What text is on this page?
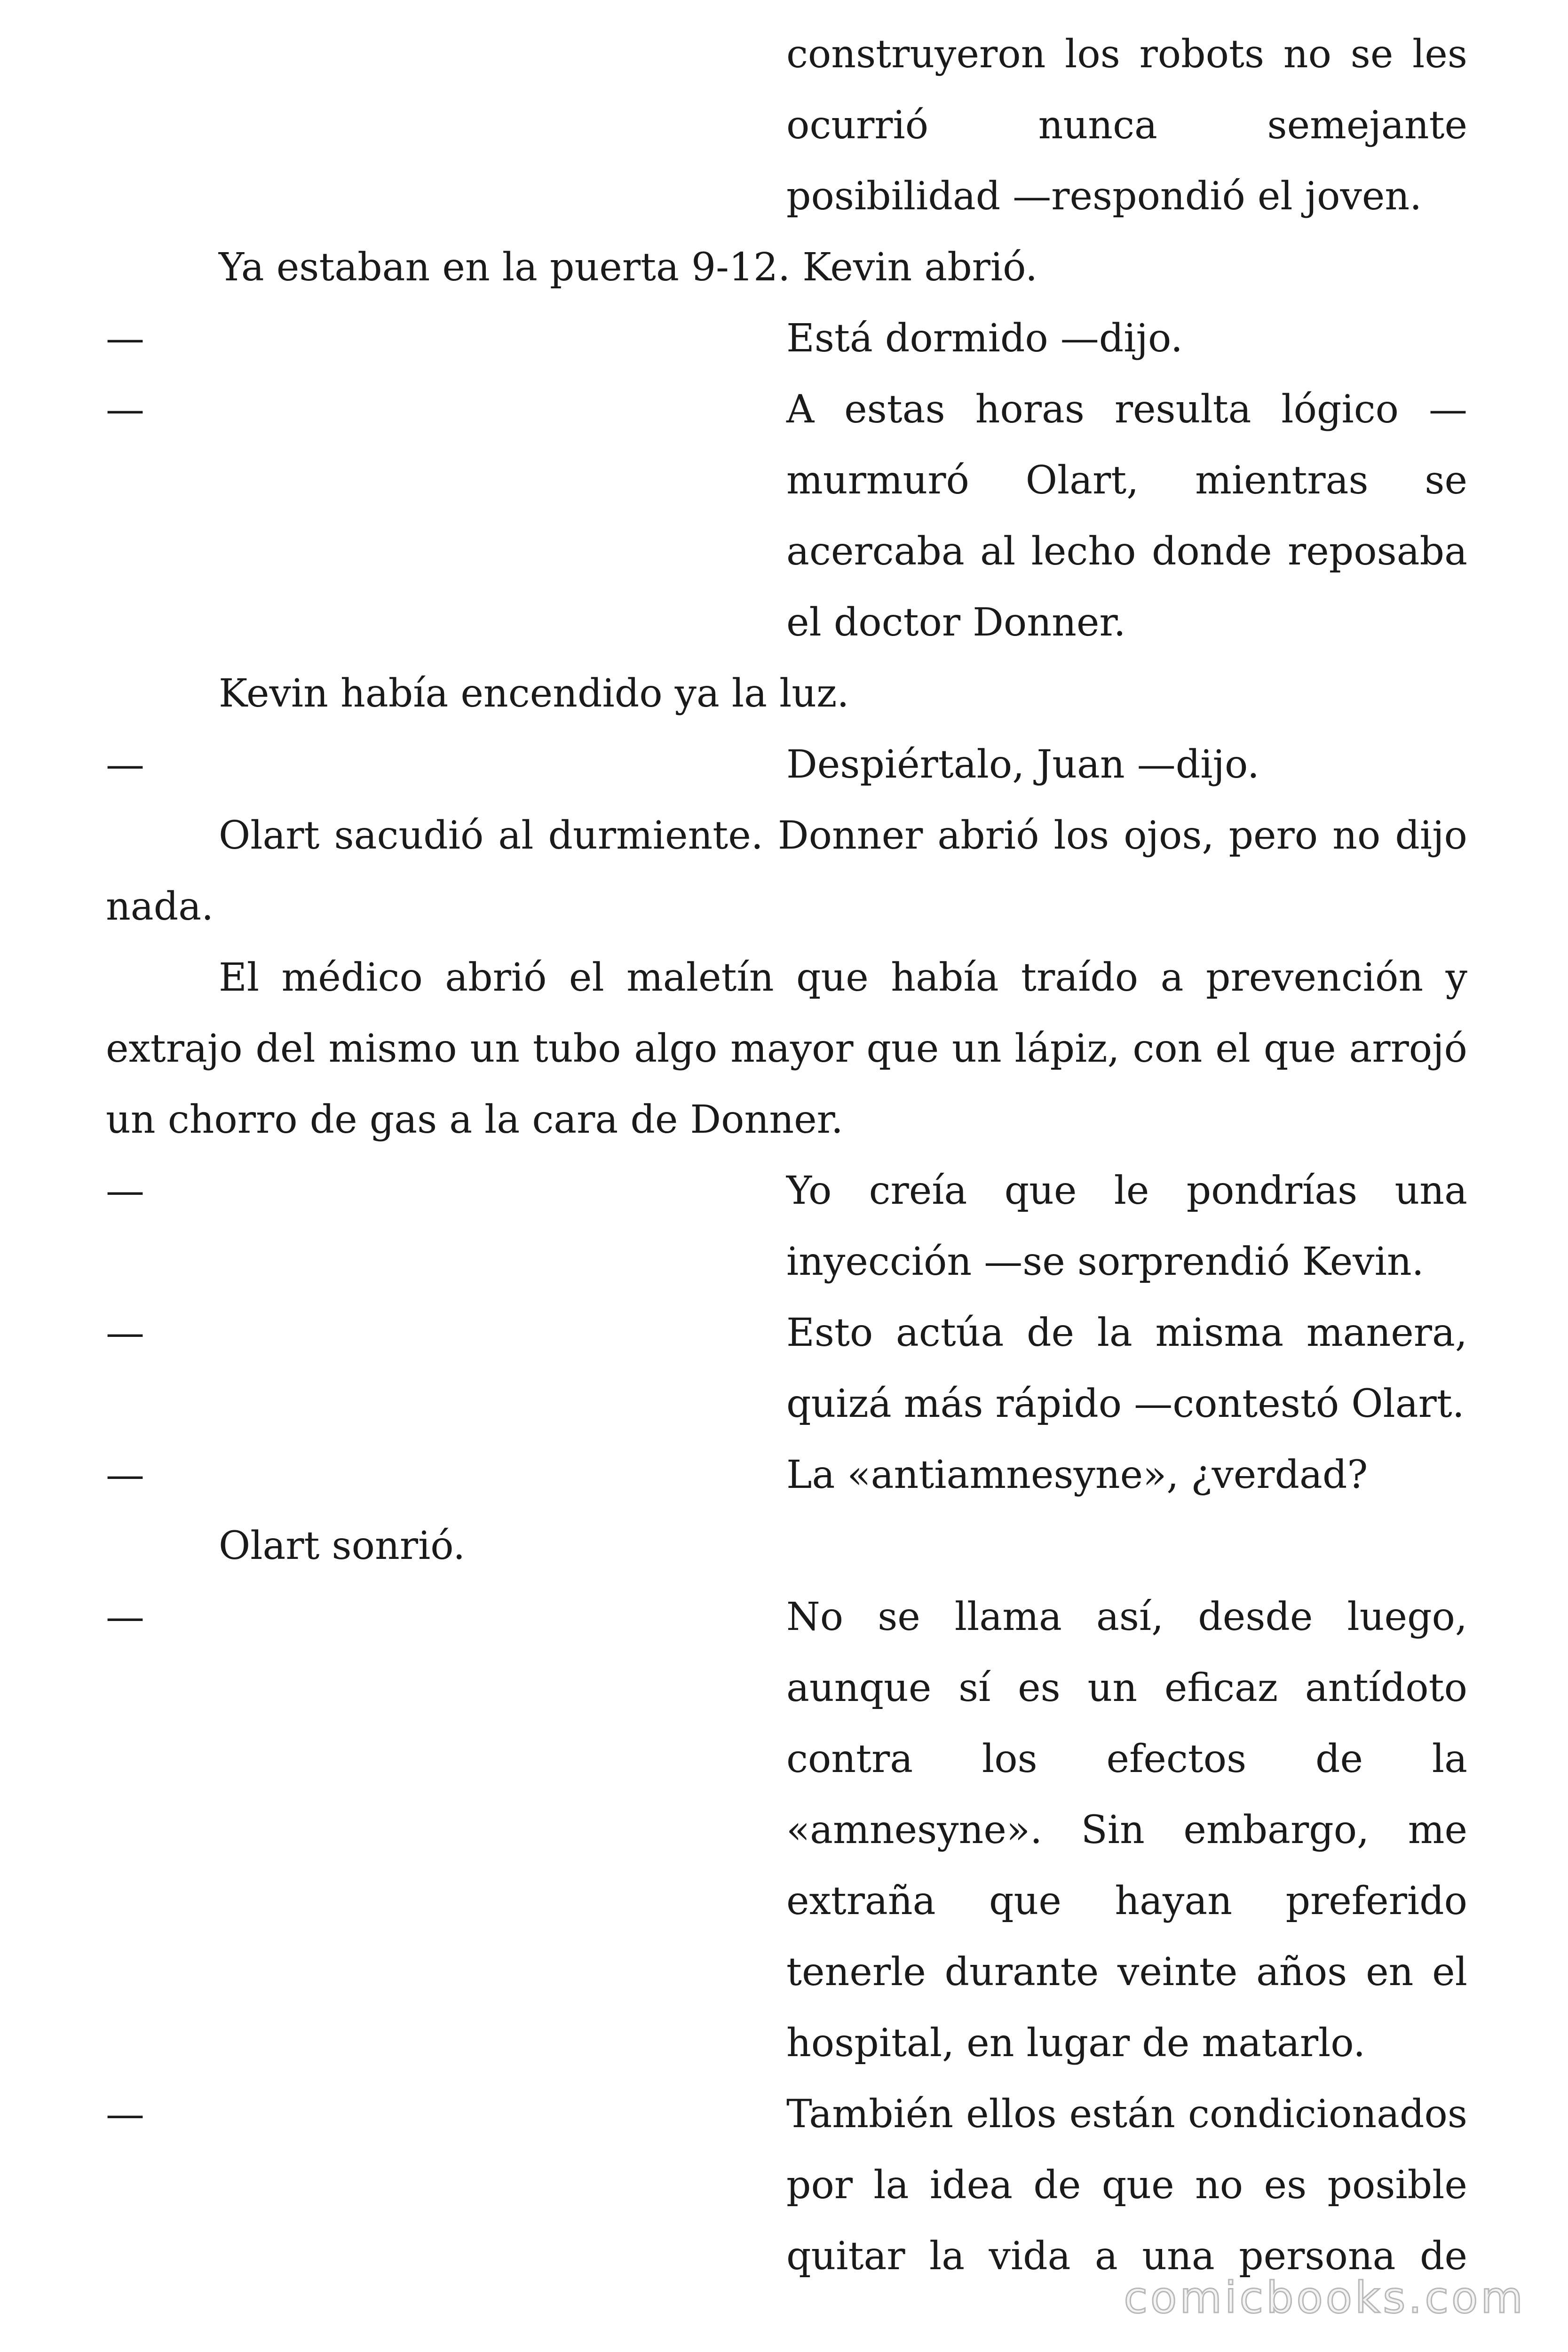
construyeron los robots no se les
ocurrió	nunca	semejante
posibilidad —respondió el joven.
Ya estaban en la puerta 9-12. Kevin abrió.
—	Está dormido —dijo.
—	A estas horas resulta lógico —
murmuró Olart, mientras se
acercaba al lecho donde reposaba
el doctor Donner.
Kevin había encendido ya la luz.
—	Despiértalo, Juan —dijo.
Olart sacudió al durmiente. Donner abrió los ojos, pero no dijo
nada.
El médico abrió el maletín que había traído a prevención y
extrajo del mismo un tubo algo mayor que un lápiz, con el que arrojó
un chorro de gas a la cara de Donner.
—	Yo creía que le pondrías una
inyección —se sorprendió Kevin.
—	Esto actúa de la misma manera,
quizá más rápido —contestó Olart.
—	La «antiamnesyne», ¿verdad?
Olart sonrió.
—	No se llama así, desde luego,
aunque sí es un eficaz antídoto
contra los efectos de la
«amnesyne». Sin embargo, me
extraña que hayan preferido
tenerle durante veinte años en el
hospital, en lugar de matarlo.
—	También ellos están condicionados
por la idea de que no es posible
quitar la vida a una persona de
comicbooks.com
